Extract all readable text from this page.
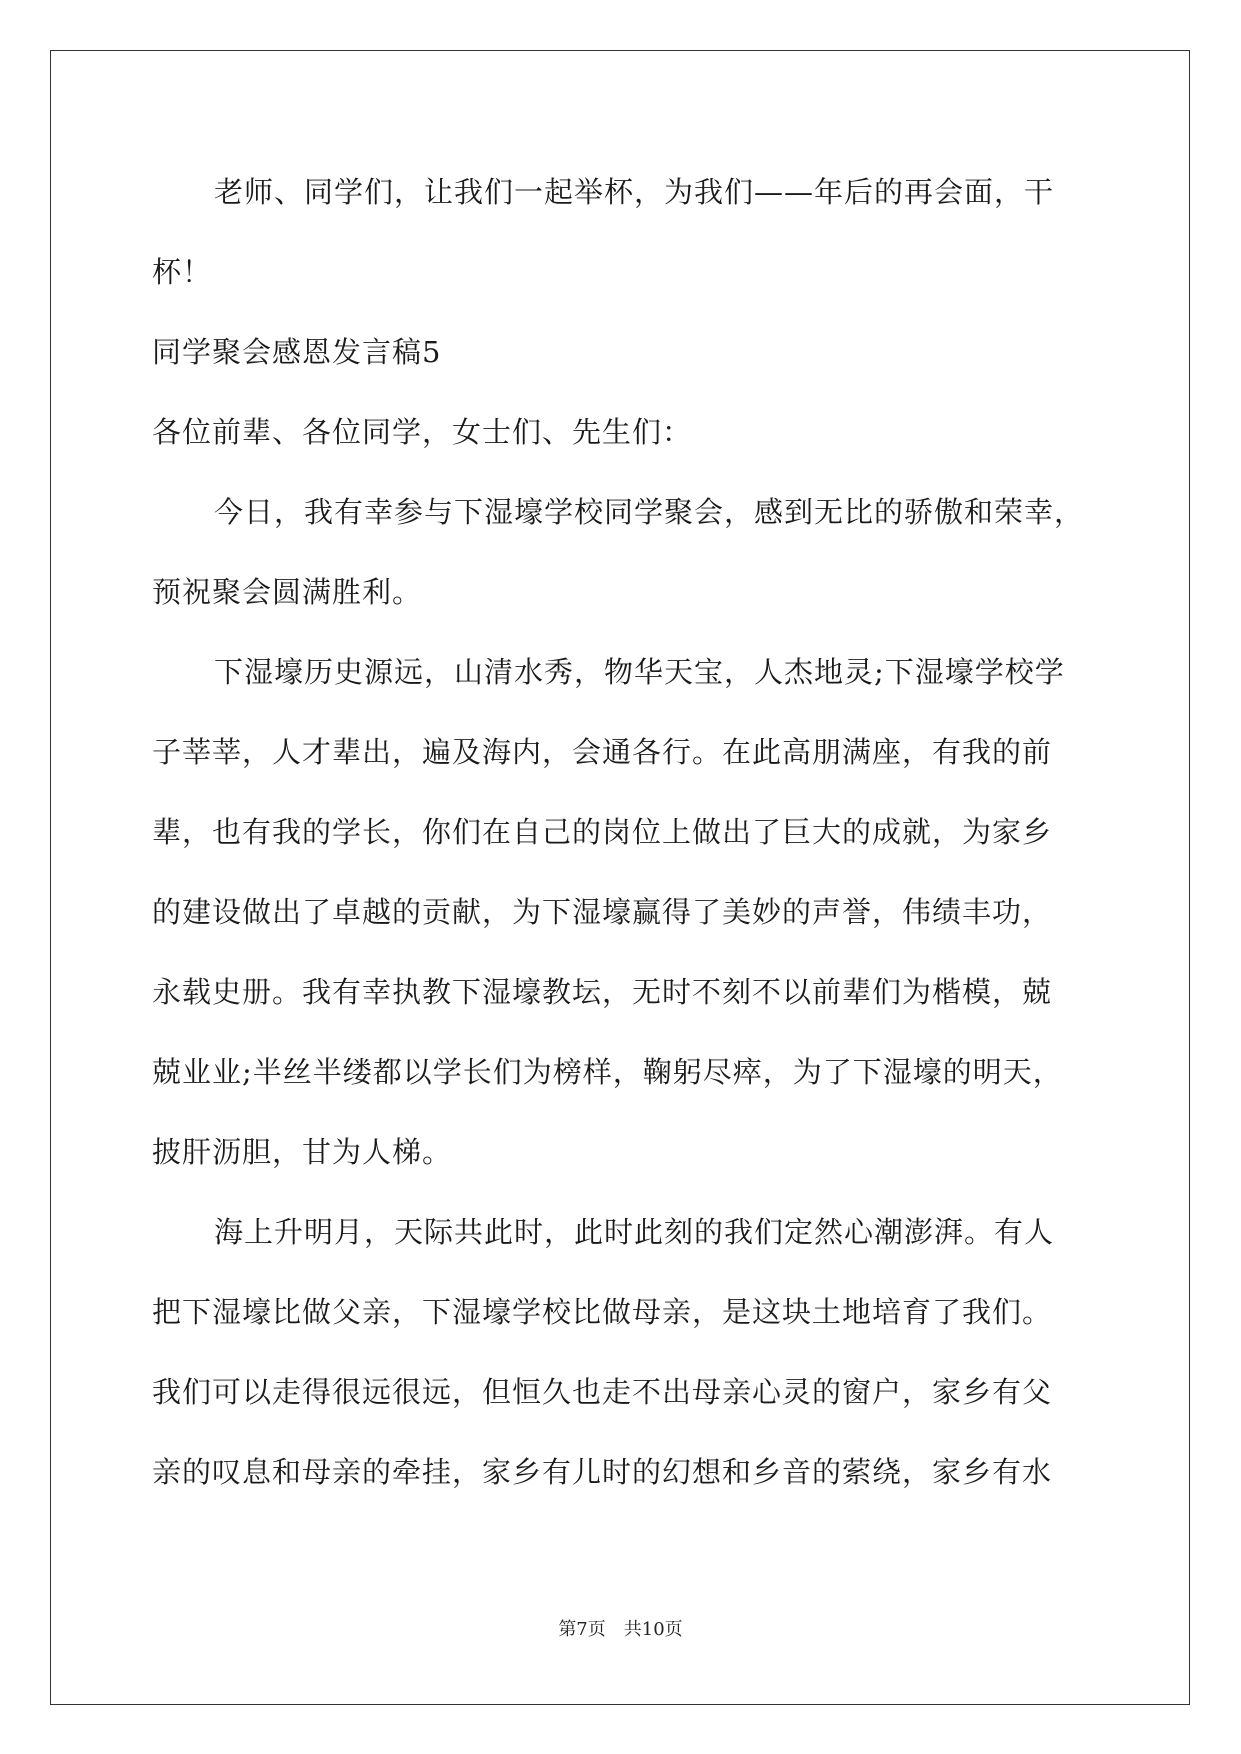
老师、同学们，让我们一起举杯，为我们——年后的再会面，干
杯！
同学聚会感恩发言稿5
各位前辈、各位同学，女士们、先生们：
今日，我有幸参与下湿壕学校同学聚会，感到无比的骄傲和荣幸，
预祝聚会圆满胜利。
下湿壕历史源远，山清水秀，物华天宝，人杰地灵;下湿壕学校学
子莘莘，人才辈出，遍及海内，会通各行。在此高朋满座，有我的前
辈，也有我的学长，你们在自己的岗位上做出了巨大的成就，为家乡
的建设做出了卓越的贡献，为下湿壕赢得了美妙的声誉，伟绩丰功，
永载史册。我有幸执教下湿壕教坛，无时不刻不以前辈们为楷模，兢
兢业业;半丝半缕都以学长们为榜样，鞠躬尽瘁，为了下湿壕的明天，
披肝沥胆，甘为人梯。
海上升明月，天际共此时，此时此刻的我们定然心潮澎湃。有人
把下湿壕比做父亲，下湿壕学校比做母亲，是这块土地培育了我们。
我们可以走得很远很远，但恒久也走不出母亲心灵的窗户，家乡有父
亲的叹息和母亲的牵挂，家乡有儿时的幻想和乡音的萦绕，家乡有水
第7页 共10页
